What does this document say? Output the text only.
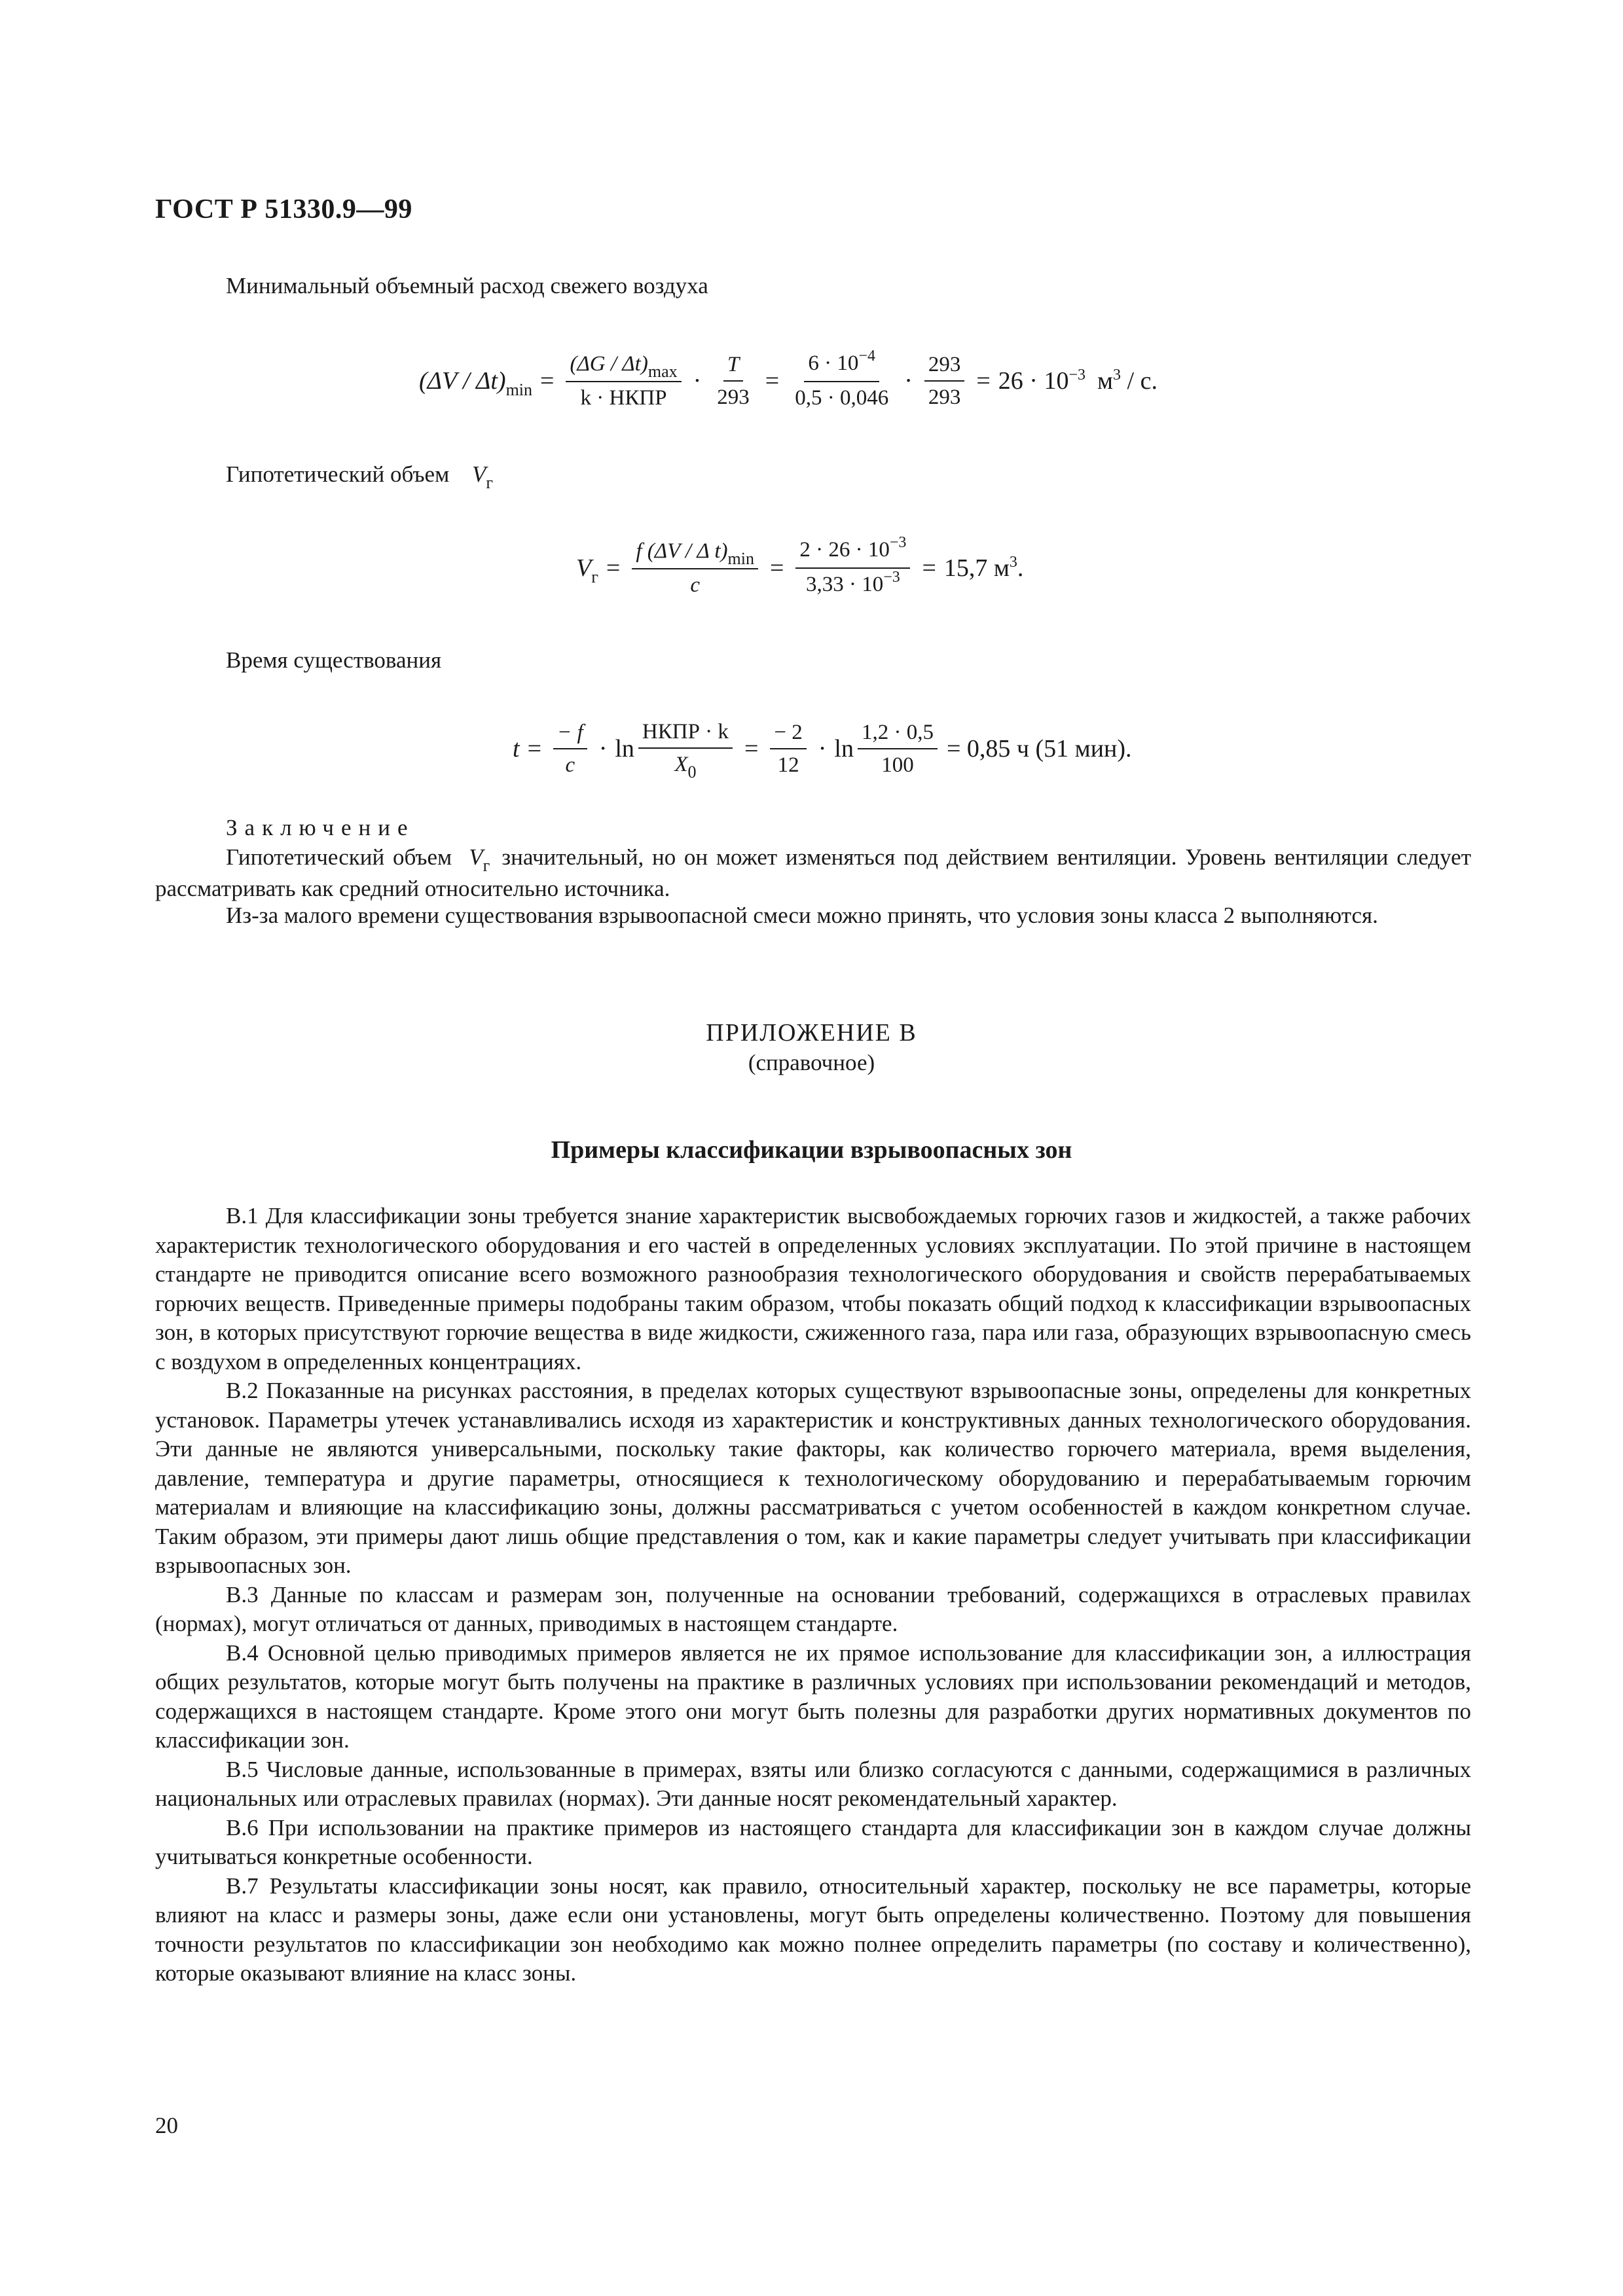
ГОСТ Р 51330.9—99
Минимальный объемный расход свежего воздуха
$(\Delta V / \Delta t)_{min} = \frac{(\Delta G / \Delta t)_{max}}{\text{k · НКПР}} \cdot \frac{T}{293} = \frac{6 \cdot 10^{-4}}{0,5 \cdot 0,046} \cdot \frac{293}{293} = 26 \cdot 10^{-3}$ $м^3$ / с.
Гипотетический объем $V_г$
$V_г = \frac{f (\Delta V / \Delta t)_{min}}{c} = \frac{2 \cdot 26 \cdot 10^{-3}}{3,33 \cdot 10^{-3}} = 15,7$ $м^3$.
Время существования
$t = \frac{- f}{c} \cdot \ln \frac{\text{НКПР · k}}{X_0} = \frac{- 2}{12} \cdot \ln \frac{1,2 \cdot 0,5}{100} = 0,85$ ч (51 мин).
Заключение
Гипотетический объем $V_г$ значительный, но он может изменяться под действием вентиляции. Уровень вентиляции следует рассматривать как средний относительно источника.
Из-за малого времени существования взрывоопасной смеси можно принять, что условия зоны класса 2 выполняются.
ПРИЛОЖЕНИЕ В
(справочное)
Примеры классификации взрывоопасных зон
В.1 Для классификации зоны требуется знание характеристик высвобождаемых горючих газов и жидкостей, а также рабочих характеристик технологического оборудования и его частей в определенных условиях эксплуатации. По этой причине в настоящем стандарте не приводится описание всего возможного разнообразия технологического оборудования и свойств перерабатываемых горючих веществ. Приведенные примеры подобраны таким образом, чтобы показать общий подход к классификации взрывоопасных зон, в которых присутствуют горючие вещества в виде жидкости, сжиженного газа, пара или газа, образующих взрывоопасную смесь с воздухом в определенных концентрациях.
В.2 Показанные на рисунках расстояния, в пределах которых существуют взрывоопасные зоны, определены для конкретных установок. Параметры утечек устанавливались исходя из характеристик и конструктивных данных технологического оборудования. Эти данные не являются универсальными, поскольку такие факторы, как количество горючего материала, время выделения, давление, температура и другие параметры, относящиеся к технологическому оборудованию и перерабатываемым горючим материалам и влияющие на классификацию зоны, должны рассматриваться с учетом особенностей в каждом конкретном случае. Таким образом, эти примеры дают лишь общие представления о том, как и какие параметры следует учитывать при классификации взрывоопасных зон.
В.3 Данные по классам и размерам зон, полученные на основании требований, содержащихся в отраслевых правилах (нормах), могут отличаться от данных, приводимых в настоящем стандарте.
В.4 Основной целью приводимых примеров является не их прямое использование для классификации зон, а иллюстрация общих результатов, которые могут быть получены на практике в различных условиях при использовании рекомендаций и методов, содержащихся в настоящем стандарте. Кроме этого они могут быть полезны для разработки других нормативных документов по классификации зон.
В.5 Числовые данные, использованные в примерах, взяты или близко согласуются с данными, содержащимися в различных национальных или отраслевых правилах (нормах). Эти данные носят рекомендательный характер.
В.6 При использовании на практике примеров из настоящего стандарта для классификации зон в каждом случае должны учитываться конкретные особенности.
В.7 Результаты классификации зоны носят, как правило, относительный характер, поскольку не все параметры, которые влияют на класс и размеры зоны, даже если они установлены, могут быть определены количественно. Поэтому для повышения точности результатов по классификации зон необходимо как можно полнее определить параметры (по составу и количественно), которые оказывают влияние на класс зоны.
20
